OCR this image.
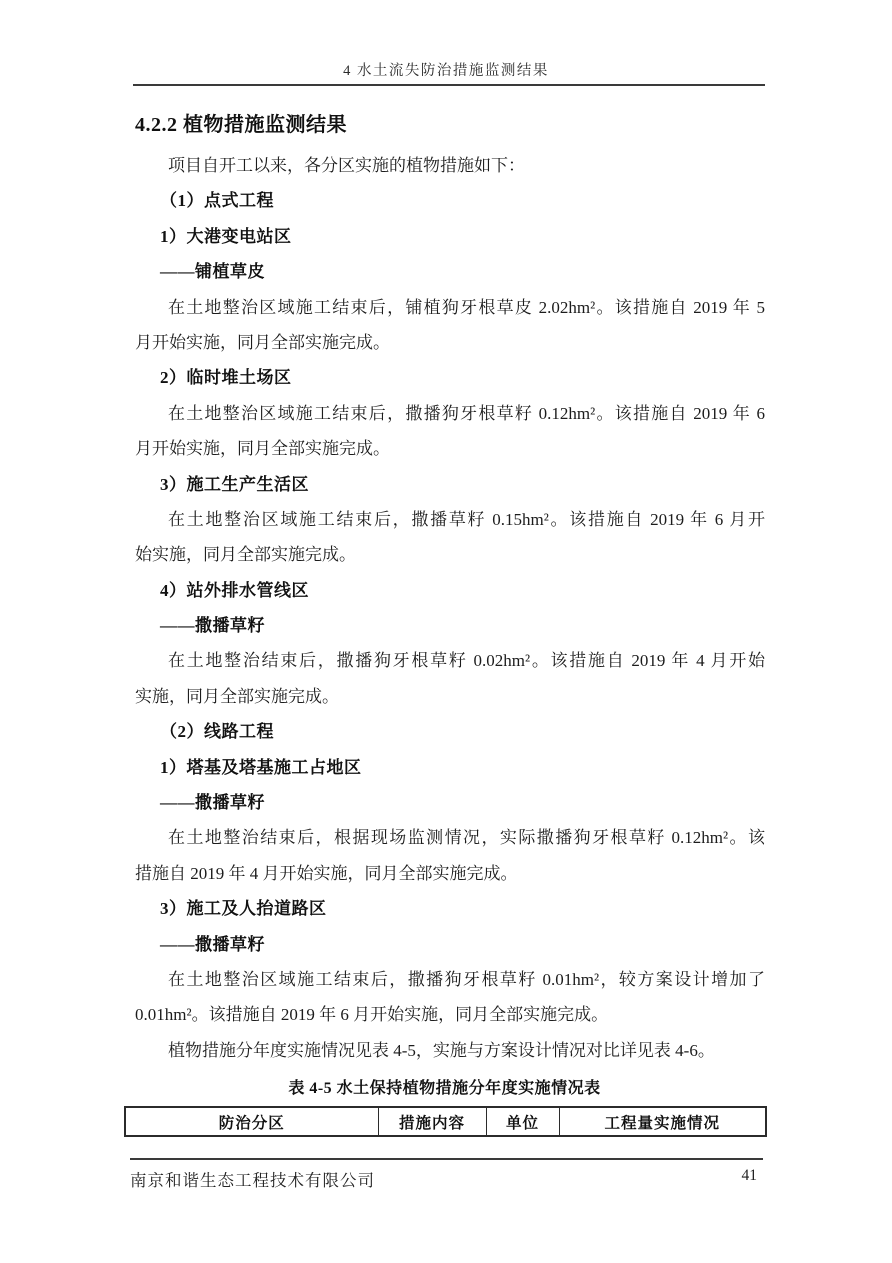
4 水土流失防治措施监测结果
4.2.2 植物措施监测结果
项目自开工以来，各分区实施的植物措施如下：
（1）点式工程
1）大港变电站区
——铺植草皮
在土地整治区域施工结束后，铺植狗牙根草皮 2.02hm²。该措施自 2019 年 5
月开始实施，同月全部实施完成。
2）临时堆土场区
在土地整治区域施工结束后，撒播狗牙根草籽 0.12hm²。该措施自 2019 年 6
月开始实施，同月全部实施完成。
3）施工生产生活区
在土地整治区域施工结束后，撒播草籽 0.15hm²。该措施自 2019 年 6 月开
始实施，同月全部实施完成。
4）站外排水管线区
——撒播草籽
在土地整治结束后，撒播狗牙根草籽 0.02hm²。该措施自 2019 年 4 月开始
实施，同月全部实施完成。
（2）线路工程
1）塔基及塔基施工占地区
——撒播草籽
在土地整治结束后，根据现场监测情况，实际撒播狗牙根草籽 0.12hm²。该
措施自 2019 年 4 月开始实施，同月全部实施完成。
3）施工及人抬道路区
——撒播草籽
在土地整治区域施工结束后，撒播狗牙根草籽 0.01hm²，较方案设计增加了
0.01hm²。该措施自 2019 年 6 月开始实施，同月全部实施完成。
植物措施分年度实施情况见表 4-5，实施与方案设计情况对比详见表 4-6。
表 4-5 水土保持植物措施分年度实施情况表
防治分区	措施内容	单位	工程量实施情况
南京和谐生态工程技术有限公司	41
